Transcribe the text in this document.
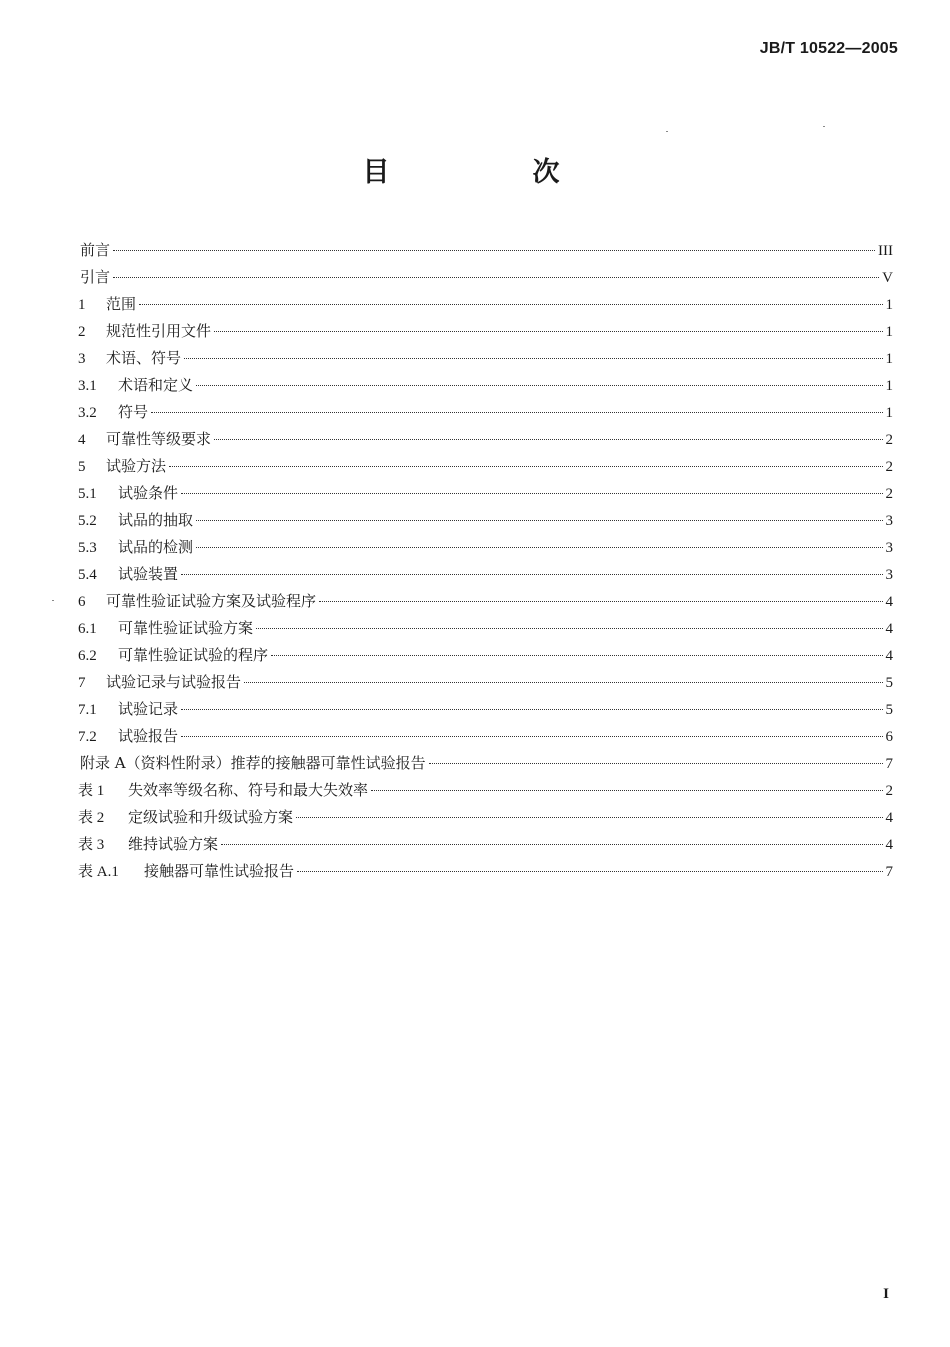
JB/T 10522—2005
目　次
前言	III
引言	V
1	范围	1
2	规范性引用文件	1
3	术语、符号	1
3.1	术语和定义	1
3.2	符号	1
4	可靠性等级要求	2
5	试验方法	2
5.1	试验条件	2
5.2	试品的抽取	3
5.3	试品的检测	3
5.4	试验装置	3
6	可靠性验证试验方案及试验程序	4
6.1	可靠性验证试验方案	4
6.2	可靠性验证试验的程序	4
7	试验记录与试验报告	5
7.1	试验记录	5
7.2	试验报告	6
附录 A（资料性附录）推荐的接触器可靠性试验报告	7
表 1	失效率等级名称、符号和最大失效率	2
表 2	定级试验和升级试验方案	4
表 3	维持试验方案	4
表 A.1	接触器可靠性试验报告	7
I
